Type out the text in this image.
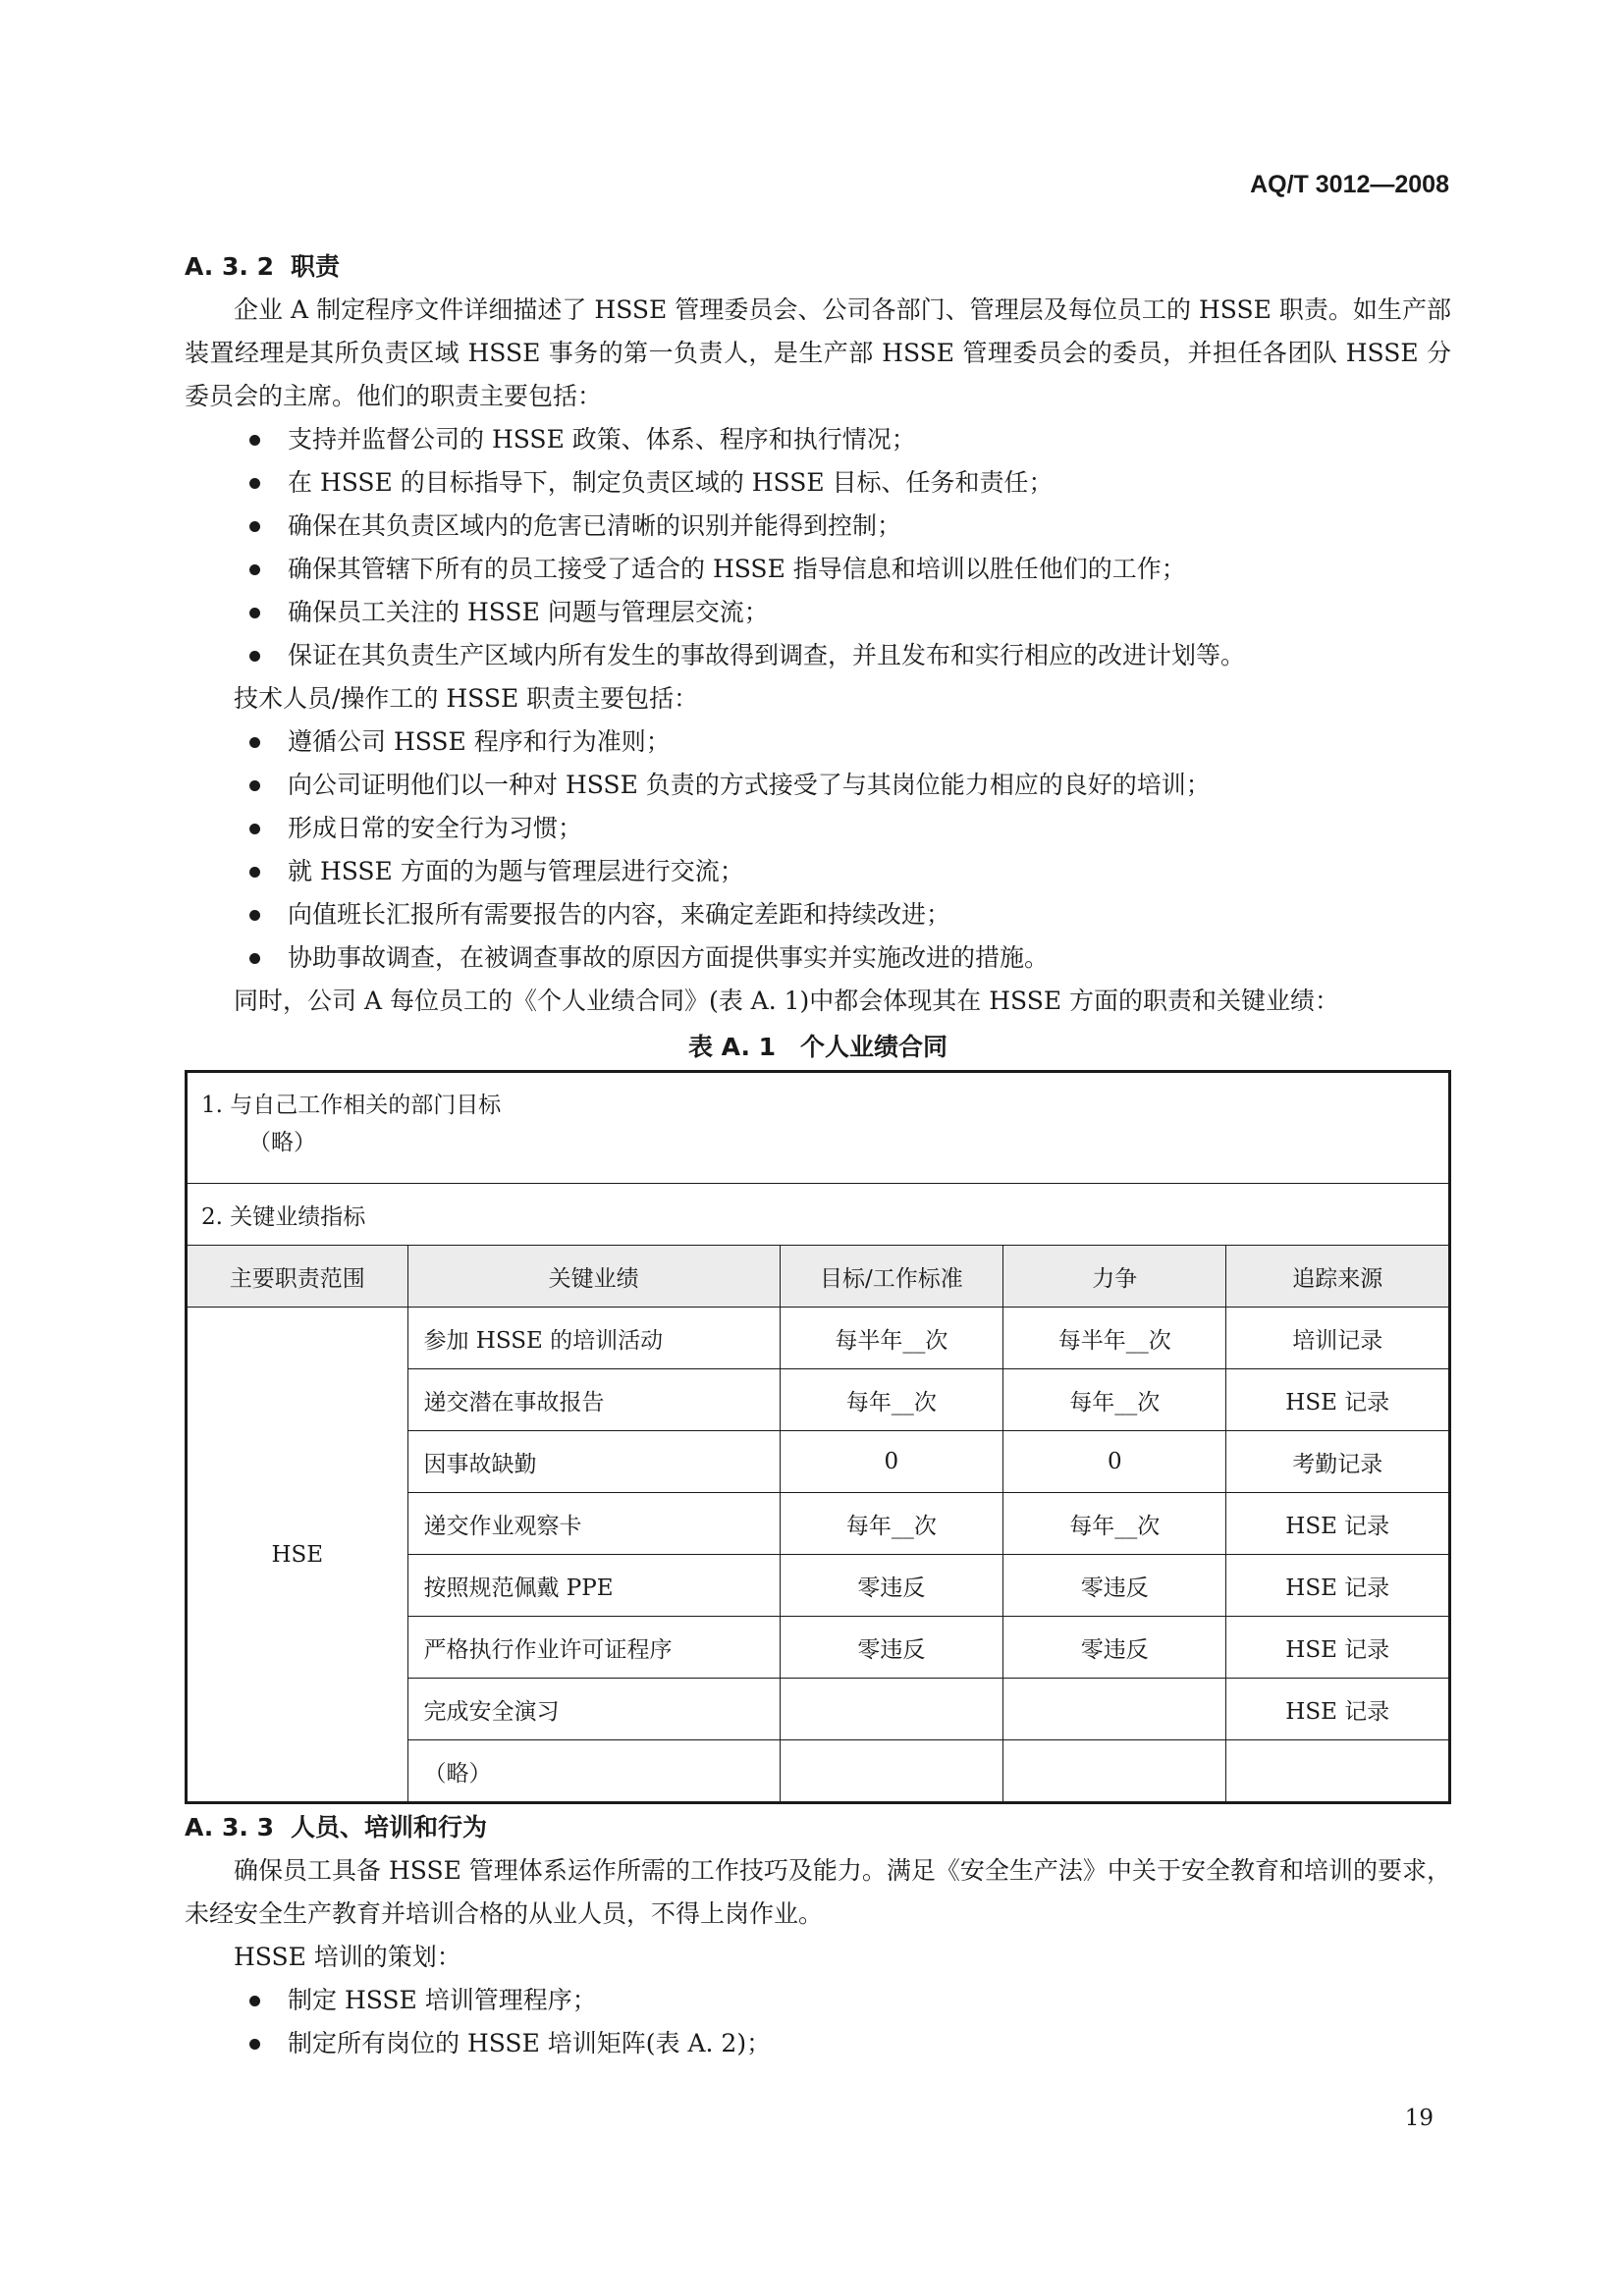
AQ/T 3012—2008
A. 3. 2 职责
企业 A 制定程序文件详细描述了 HSSE 管理委员会、公司各部门、管理层及每位员工的 HSSE 职责。如生产部装置经理是其所负责区域 HSSE 事务的第一负责人，是生产部 HSSE 管理委员会的委员，并担任各团队 HSSE 分委员会的主席。他们的职责主要包括：
支持并监督公司的 HSSE 政策、体系、程序和执行情况；
在 HSSE 的目标指导下，制定负责区域的 HSSE 目标、任务和责任；
确保在其负责区域内的危害已清晰的识别并能得到控制；
确保其管辖下所有的员工接受了适合的 HSSE 指导信息和培训以胜任他们的工作；
确保员工关注的 HSSE 问题与管理层交流；
保证在其负责生产区域内所有发生的事故得到调查，并且发布和实行相应的改进计划等。
技术人员/操作工的 HSSE 职责主要包括：
遵循公司 HSSE 程序和行为准则；
向公司证明他们以一种对 HSSE 负责的方式接受了与其岗位能力相应的良好的培训；
形成日常的安全行为习惯；
就 HSSE 方面的为题与管理层进行交流；
向值班长汇报所有需要报告的内容，来确定差距和持续改进；
协助事故调查，在被调查事故的原因方面提供事实并实施改进的措施。
同时，公司 A 每位员工的《个人业绩合同》(表 A. 1)中都会体现其在 HSSE 方面的职责和关键业绩：
表 A. 1　个人业绩合同
1. 与自己工作相关的部门目标
（略）				

2. 关键业绩指标				
主要职责范围	关键业绩	目标/工作标准	力争	追踪来源
HSE	参加 HSSE 的培训活动	每半年__次	每半年__次	培训记录
	递交潜在事故报告	每年__次	每年__次	HSE 记录
	因事故缺勤	0	0	考勤记录
	递交作业观察卡	每年__次	每年__次	HSE 记录
	按照规范佩戴 PPE	零违反	零违反	HSE 记录
	严格执行作业许可证程序	零违反	零违反	HSE 记录
	完成安全演习			HSE 记录
	（略）			
A. 3. 3 人员、培训和行为
确保员工具备 HSSE 管理体系运作所需的工作技巧及能力。满足《安全生产法》中关于安全教育和培训的要求，未经安全生产教育并培训合格的从业人员，不得上岗作业。
HSSE 培训的策划：
制定 HSSE 培训管理程序；
制定所有岗位的 HSSE 培训矩阵(表 A. 2)；
19
